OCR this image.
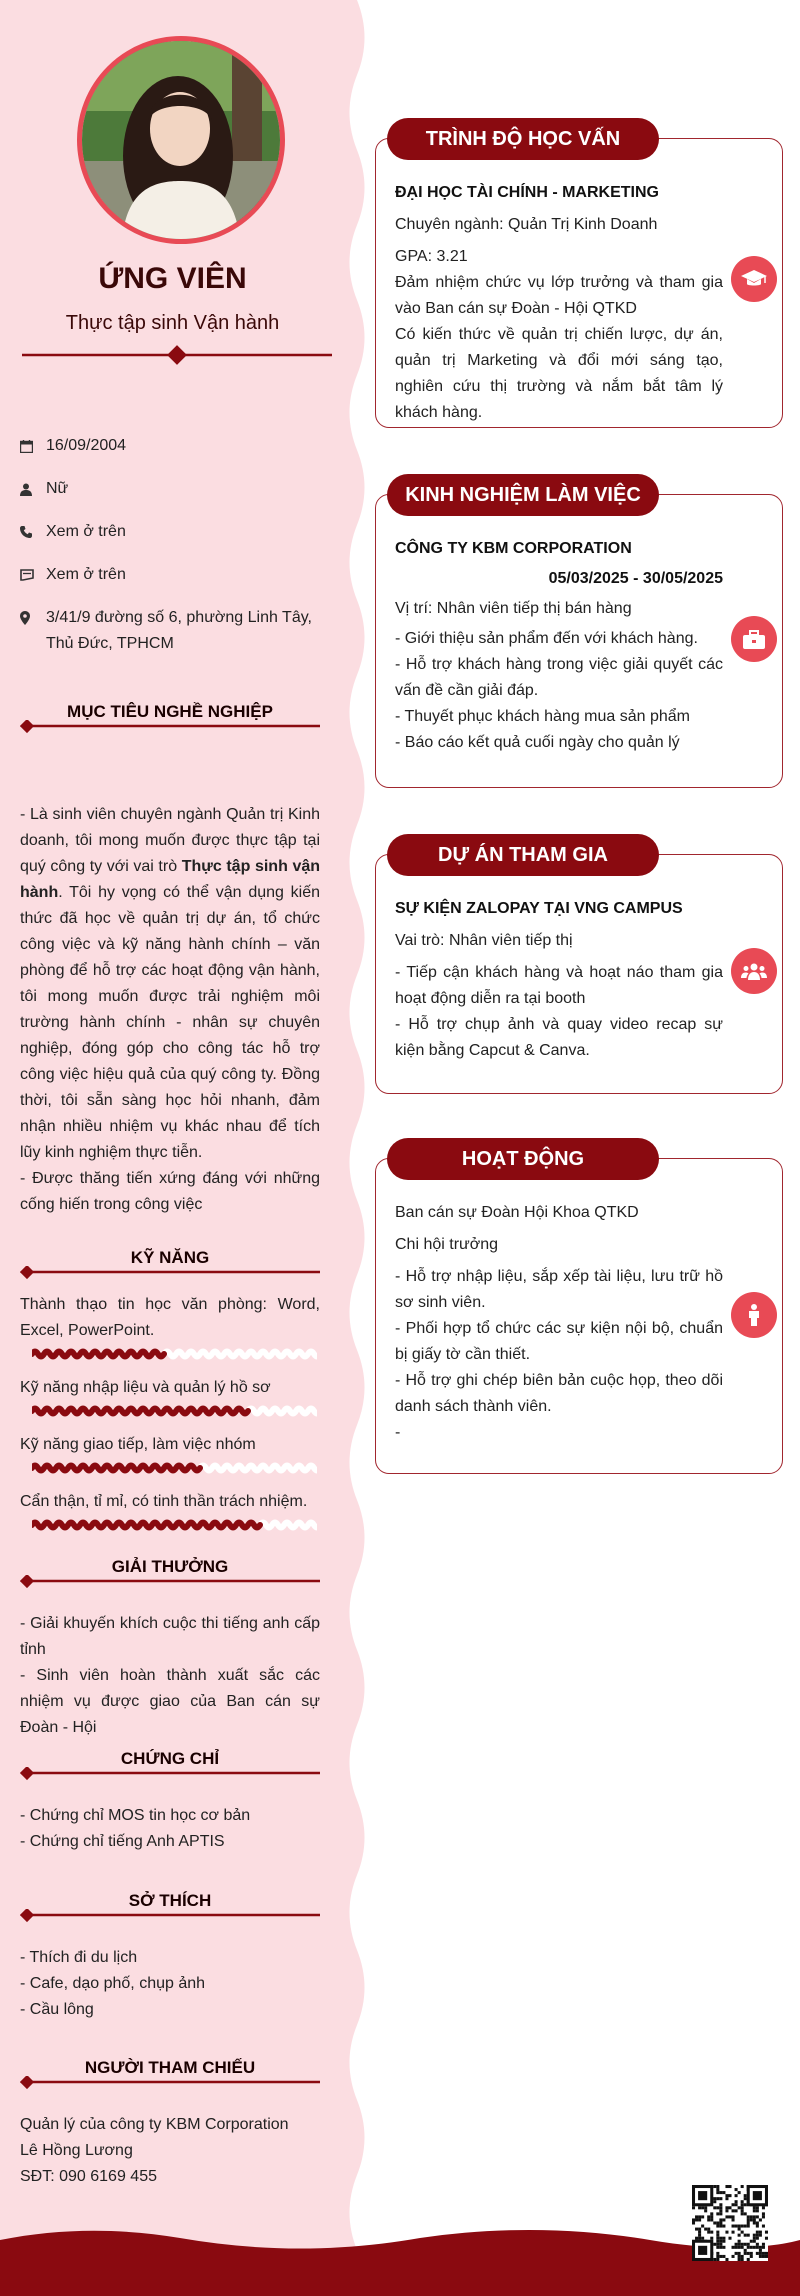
ỨNG VIÊN
Thực tập sinh Vận hành
16/09/2004
Nữ
Xem ở trên
Xem ở trên
3/41/9 đường số 6, phường Linh Tây, Thủ Đức, TPHCM
MỤC TIÊU NGHỀ NGHIỆP
- Là sinh viên chuyên ngành Quản trị Kinh doanh, tôi mong muốn được thực tập tại quý công ty với vai trò Thực tập sinh vận hành. Tôi hy vọng có thể vận dụng kiến thức đã học về quản trị dự án, tổ chức công việc và kỹ năng hành chính – văn phòng để hỗ trợ các hoạt động vận hành, tôi mong muốn được trải nghiệm môi trường hành chính - nhân sự chuyên nghiệp, đóng góp cho công tác hỗ trợ công việc hiệu quả của quý công ty. Đồng thời, tôi sẵn sàng học hỏi nhanh, đảm nhận nhiều nhiệm vụ khác nhau để tích lũy kinh nghiệm thực tiễn.
- Được thăng tiến xứng đáng với những cống hiến trong công việc
KỸ NĂNG
Thành thạo tin học văn phòng: Word, Excel, PowerPoint.
Kỹ năng nhập liệu và quản lý hồ sơ
Kỹ năng giao tiếp, làm việc nhóm
Cẩn thận, tỉ mỉ, có tinh thần trách nhiệm.
GIẢI THƯỞNG
- Giải khuyến khích cuộc thi tiếng anh cấp tỉnh
- Sinh viên hoàn thành xuất sắc các nhiệm vụ được giao của Ban cán sự Đoàn - Hội
CHỨNG CHỈ
- Chứng chỉ MOS tin học cơ bản
- Chứng chỉ tiếng Anh APTIS
SỞ THÍCH
- Thích đi du lịch
- Cafe, dạo phố, chụp ảnh
- Cầu lông
NGƯỜI THAM CHIẾU
Quản lý của công ty KBM Corporation
Lê Hồng Lương
SĐT: 090 6169 455
TRÌNH ĐỘ HỌC VẤN
ĐẠI HỌC TÀI CHÍNH - MARKETING
Chuyên ngành: Quản Trị Kinh Doanh
GPA: 3.21
Đảm nhiệm chức vụ lớp trưởng và tham gia vào Ban cán sự Đoàn - Hội QTKD
Có kiến thức về quản trị chiến lược, dự án, quản trị Marketing và đổi mới sáng tạo, nghiên cứu thị trường và nắm bắt tâm lý khách hàng.
KINH NGHIỆM LÀM VIỆC
CÔNG TY KBM CORPORATION
05/03/2025 - 30/05/2025
Vị trí: Nhân viên tiếp thị bán hàng
- Giới thiệu sản phẩm đến với khách hàng.
- Hỗ trợ khách hàng trong việc giải quyết các vấn đề cần giải đáp.
- Thuyết phục khách hàng mua sản phẩm
- Báo cáo kết quả cuối ngày cho quản lý
DỰ ÁN THAM GIA
SỰ KIỆN ZALOPAY TẠI VNG CAMPUS
Vai trò: Nhân viên tiếp thị
- Tiếp cận khách hàng và hoạt náo tham gia hoạt động diễn ra tại booth
- Hỗ trợ chụp ảnh và quay video recap sự kiện bằng Capcut & Canva.
HOẠT ĐỘNG
Ban cán sự Đoàn Hội Khoa QTKD
Chi hội trưởng
- Hỗ trợ nhập liệu, sắp xếp tài liệu, lưu trữ hồ sơ sinh viên.
- Phối hợp tổ chức các sự kiện nội bộ, chuẩn bị giấy tờ cần thiết.
- Hỗ trợ ghi chép biên bản cuộc họp, theo dõi danh sách thành viên.
-
